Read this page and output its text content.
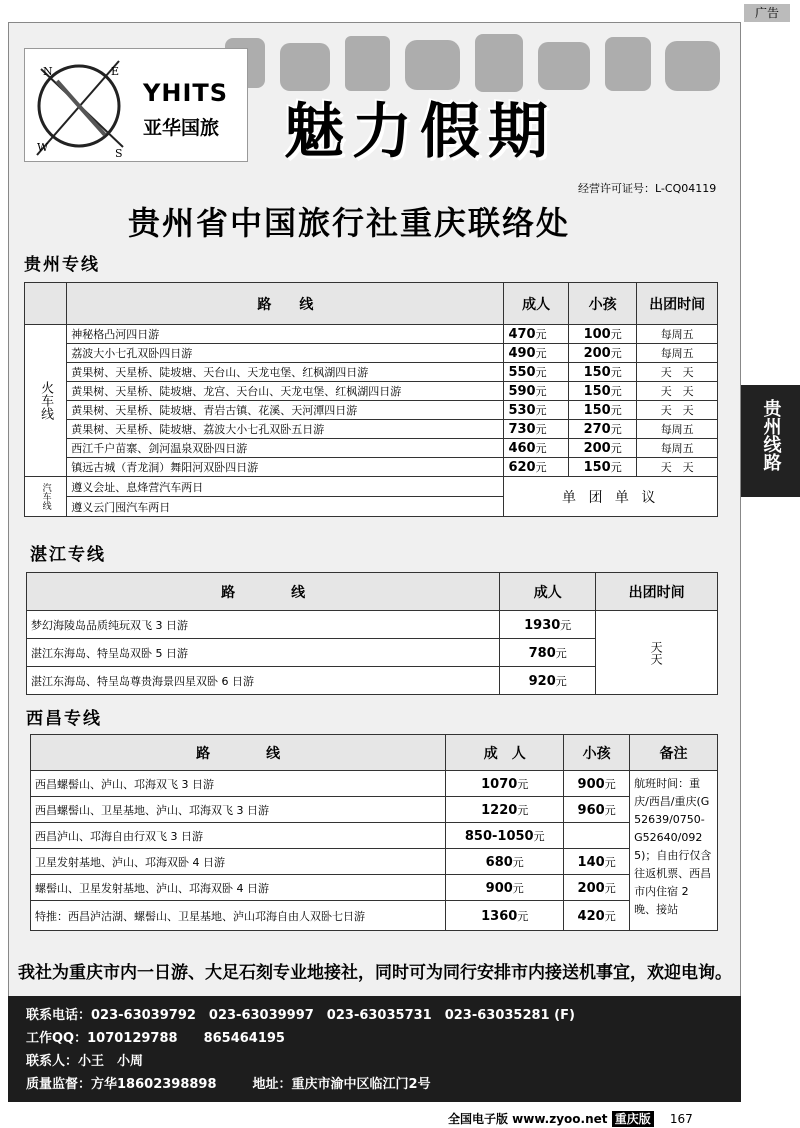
广告
N	E
W	S
YHITS
亚华国旅 魅力假期
经营许可证号：L-CQ04119
贵州省中国旅行社重庆联络处
贵州专线
	路　　线	成人	小孩	出团时间

火车线	神秘格凸河四日游	470元	100元	每周五
	荔波大小七孔双卧四日游	490元	200元	每周五
	黄果树、天星桥、陡坡塘、天台山、天龙屯堡、红枫湖四日游	550元	150元	天　天
	黄果树、天星桥、陡坡塘、龙宫、天台山、天龙屯堡、红枫湖四日游	590元	150元	天　天
	黄果树、天星桥、陡坡塘、青岩古镇、花溪、天河潭四日游	530元	150元	天　天
	黄果树、天星桥、陡坡塘、荔波大小七孔双卧五日游	730元	270元	每周五
	西江千户苗寨、剑河温泉双卧四日游	460元	200元	每周五
	镇远古城（青龙洞）舞阳河双卧四日游	620元	150元	天　天

汽车线	遵义会址、息烽营汽车两日	单 团 单 议		
	遵义云门囤汽车两日			
贵州线路
湛江专线
路　　　　线	成人	出团时间
梦幻海陵岛品质纯玩双飞 3 日游	1930元	天天

湛江东海岛、特呈岛双卧 5 日游	780元	
湛江东海岛、特呈岛尊贵海景四星双卧 6 日游	920元	
西昌专线
路　　　　线	成　人	小孩	备注
西昌螺髻山、泸山、邛海双飞 3 日游	1070元	900元	航班时间：重庆/西昌/重庆(G52639/0750-G52640/0925)；自由行仅含往返机票、西昌市内住宿 2 晚、接站
西昌螺髻山、卫星基地、泸山、邛海双飞 3 日游	1220元	960元	
西昌泸山、邛海自由行双飞 3 日游	850-1050元		
卫星发射基地、泸山、邛海双卧 4 日游	680元	140元	
螺髻山、卫星发射基地、泸山、邛海双卧 4 日游	900元	200元	
特推：西昌泸沽湖、螺髻山、卫星基地、泸山邛海自由人双卧七日游	1360元	420元	
我社为重庆市内一日游、大足石刻专业地接社，同时可为同行安排市内接送机事宜，欢迎电询。
联系电话：023-63039792　023-63039997　023-63035731　023-63035281 (F)
工作QQ：1070129788　　865464195
联系人：小王　小周
质量监督：方华18602398898	地址：重庆市渝中区临江门2号
全国电子版 www.zyoo.net 重庆版 167
